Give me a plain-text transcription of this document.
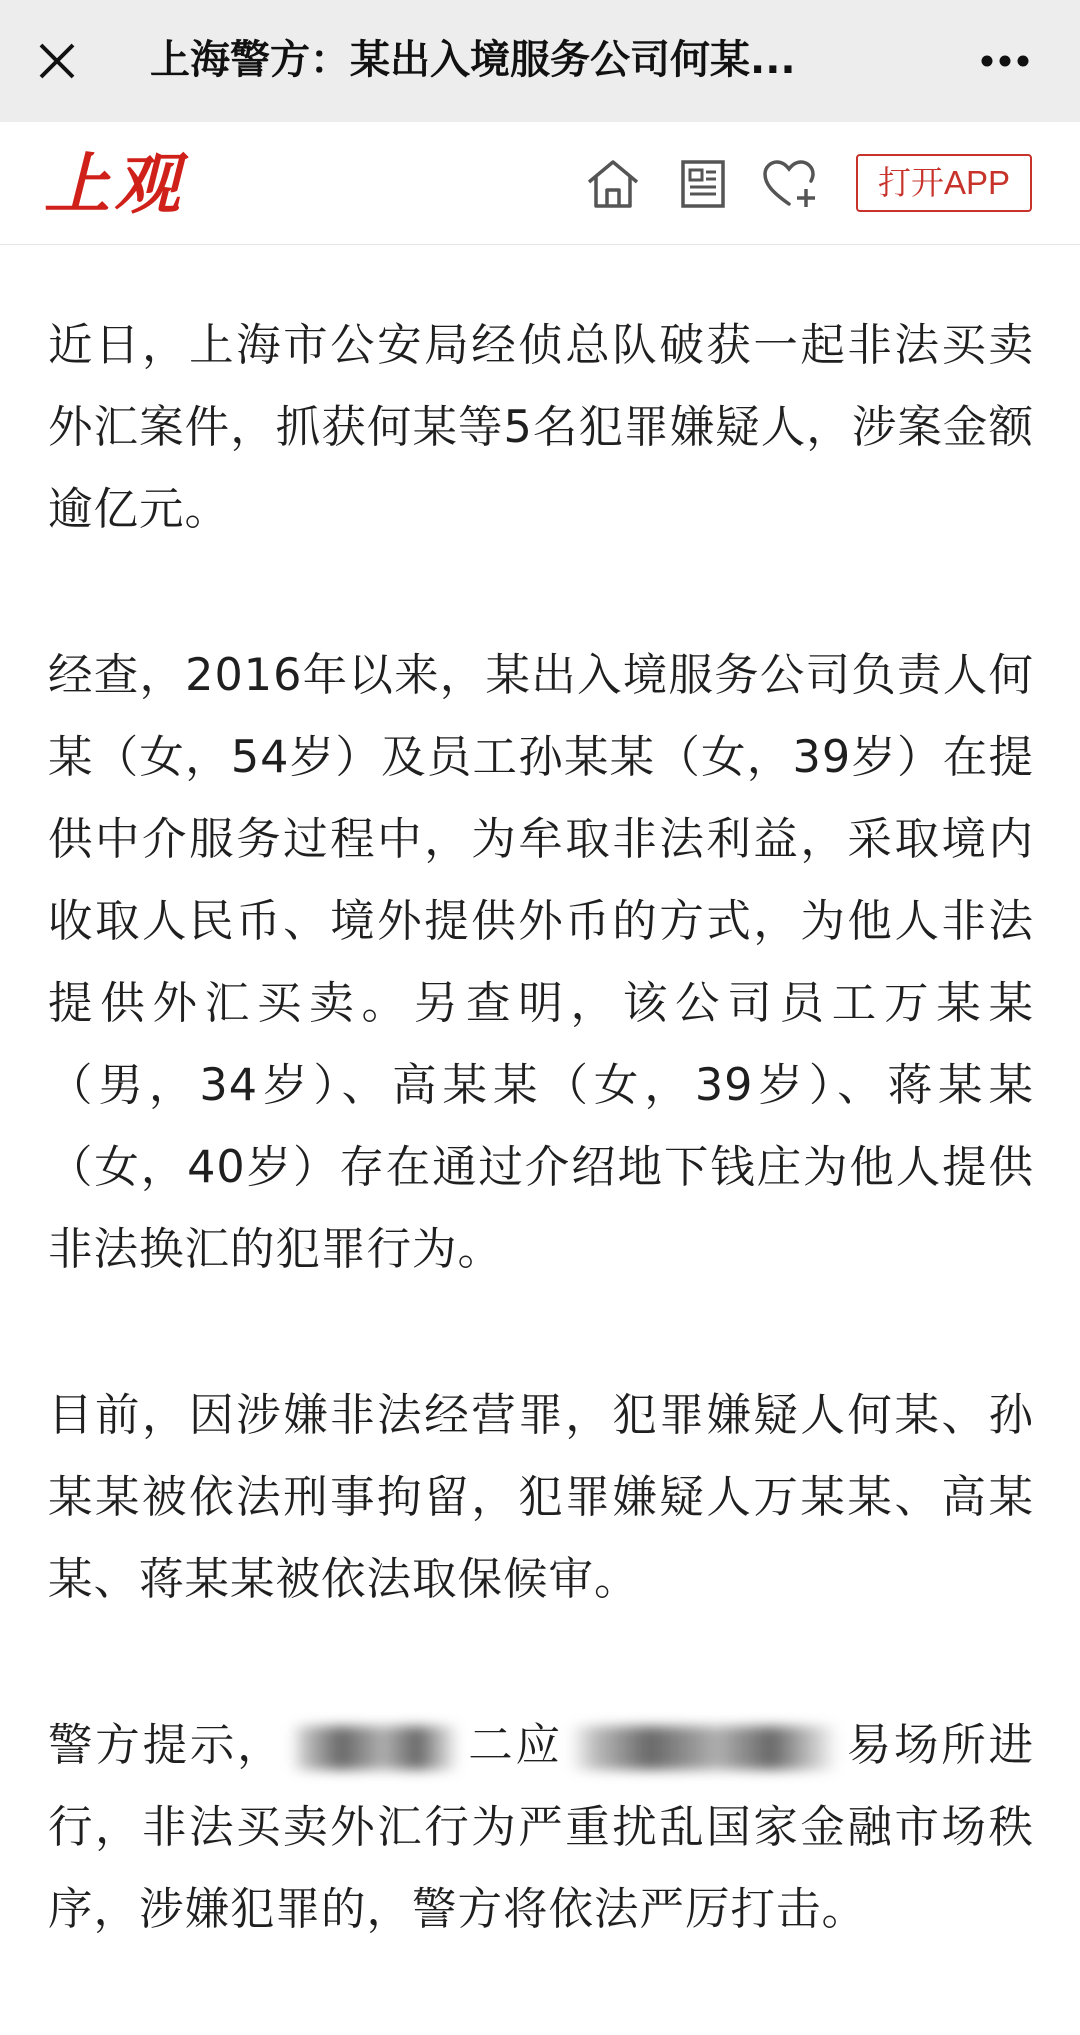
上海警方：某出入境服务公司何某...
上观	打开APP

近日，上海市公安局经侦总队破获一起非法买卖外汇案件，抓获何某等5名犯罪嫌疑人，涉案金额逾亿元。

经查，2016年以来，某出入境服务公司负责人何某（女，54岁）及员工孙某某（女，39岁）在提供中介服务过程中，为牟取非法利益，采取境内收取人民币、境外提供外币的方式，为他人非法提供外汇买卖。另查明，该公司员工万某某（男，34岁）、高某某（女，39岁）、蒋某某（女，40岁）存在通过介绍地下钱庄为他人提供非法换汇的犯罪行为。

目前，因涉嫌非法经营罪，犯罪嫌疑人何某、孙某某被依法刑事拘留，犯罪嫌疑人万某某、高某某、蒋某某被依法取保候审。

警方提示，	二应	易场所进行，非法买卖外汇行为严重扰乱国家金融市场秩序，涉嫌犯罪的，警方将依法严厉打击。
